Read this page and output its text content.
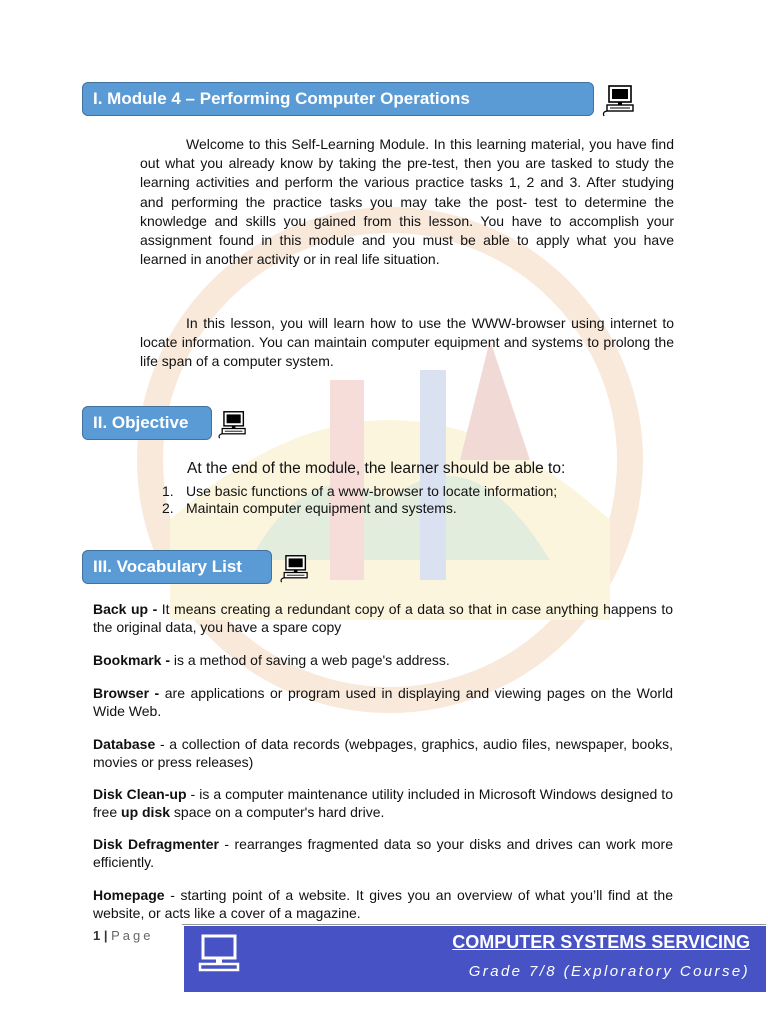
I. Module 4 – Performing Computer Operations

Welcome to this Self-Learning Module. In this learning material, you have find out what you already know by taking the pre-test, then you are tasked to study the learning activities and perform the various practice tasks 1, 2 and 3. After studying and performing the practice tasks you may take the post- test to determine the knowledge and skills you gained from this lesson. You have to accomplish your assignment found in this module and you must be able to apply what you have learned in another activity or in real life situation.

In this lesson, you will learn how to use the WWW-browser using internet to locate information. You can maintain computer equipment and systems to prolong the life span of a computer system.

II. Objective
At the end of the module, the learner should be able to:
1. Use basic functions of a www-browser to locate information;
2. Maintain computer equipment and systems.
III. Vocabulary List

Back up - It means creating a redundant copy of a data so that in case anything happens to the original data, you have a spare copy

Bookmark - is a method of saving a web page's address.

Browser - are applications or program used in displaying and viewing pages on the World Wide Web.

Database - a collection of data records (webpages, graphics, audio files, newspaper, books, movies or press releases)

Disk Clean-up - is a computer maintenance utility included in Microsoft Windows designed to free up disk space on a computer's hard drive.

Disk Defragmenter - rearranges fragmented data so your disks and drives can work more efficiently.

Homepage - starting point of a website. It gives you an overview of what you’ll find at the website, or acts like a cover of a magazine.

1 | Page	COMPUTER SYSTEMS SERVICING
Grade 7/8 (Exploratory Course)
